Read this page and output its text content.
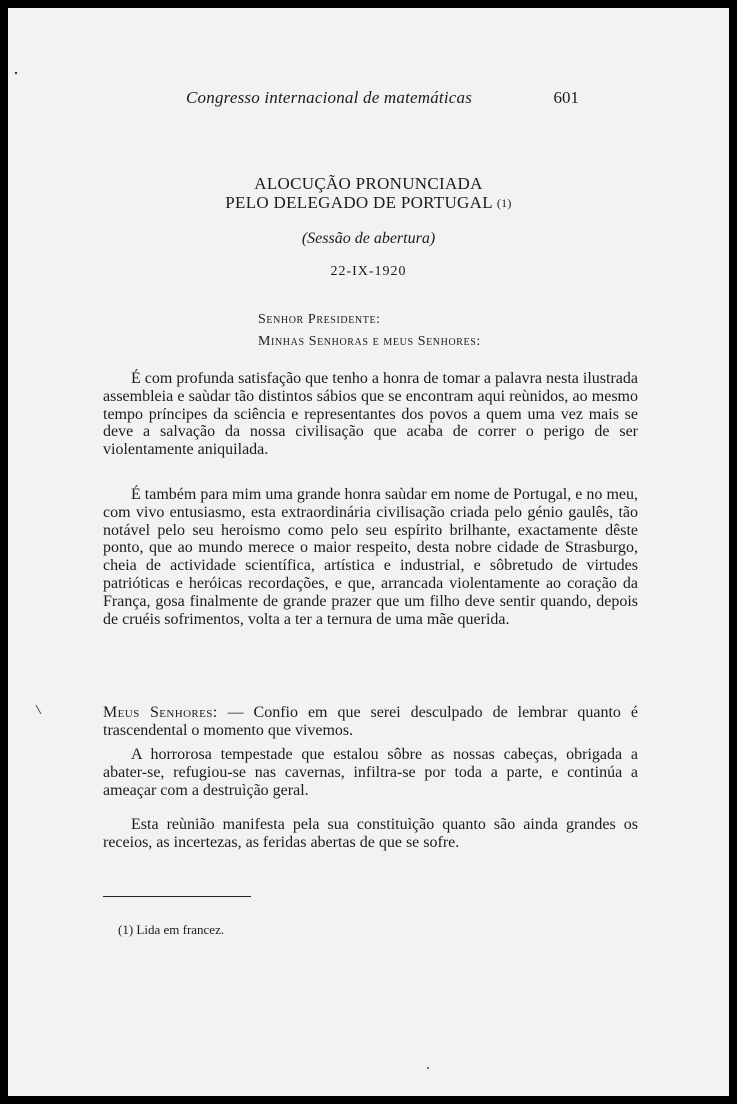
Congresso internacional de matemáticas	601
ALOCUÇÃO PRONUNCIADA
PELO DELEGADO DE PORTUGAL (1)
(Sessão de abertura)
22-IX-1920
Senhor Presidente:
Minhas Senhoras e meus Senhores:

É com profunda satisfação que tenho a honra de tomar a palavra nesta ilustrada assembleia e saùdar tão distintos sábios que se encontram aqui reùnidos, ao mesmo tempo príncipes da sciência e representantes dos povos a quem uma vez mais se deve a salvação da nossa civilisação que acaba de correr o perigo de ser violentamente aniquilada.

É também para mim uma grande honra saùdar em nome de Portugal, e no meu, com vivo entusiasmo, esta extraordinária civilisação criada pelo génio gaulês, tão notável pelo seu heroismo como pelo seu espírito brilhante, exactamente dêste ponto, que ao mundo merece o maior respeito, desta nobre cidade de Strasburgo, cheia de actividade scientífica, artística e industrial, e sôbretudo de virtudes patrióticas e heróicas recordações, e que, arrancada violentamente ao coração da França, gosa finalmente de grande prazer que um filho deve sentir quando, depois de cruéis sofrimentos, volta a ter a ternura de uma mãe querida.

Meus Senhores: — Confio em que serei desculpado de lembrar quanto é trascendental o momento que vivemos.

A horrorosa tempestade que estalou sôbre as nossas cabeças, obrigada a abater-se, refugiou-se nas cavernas, infiltra-se por toda a parte, e continúa a ameaçar com a destruìção geral.

Esta reùnião manifesta pela sua constituìção quanto são ainda grandes os receios, as incertezas, as feridas abertas de que se sofre.

(1) Lida em francez.
